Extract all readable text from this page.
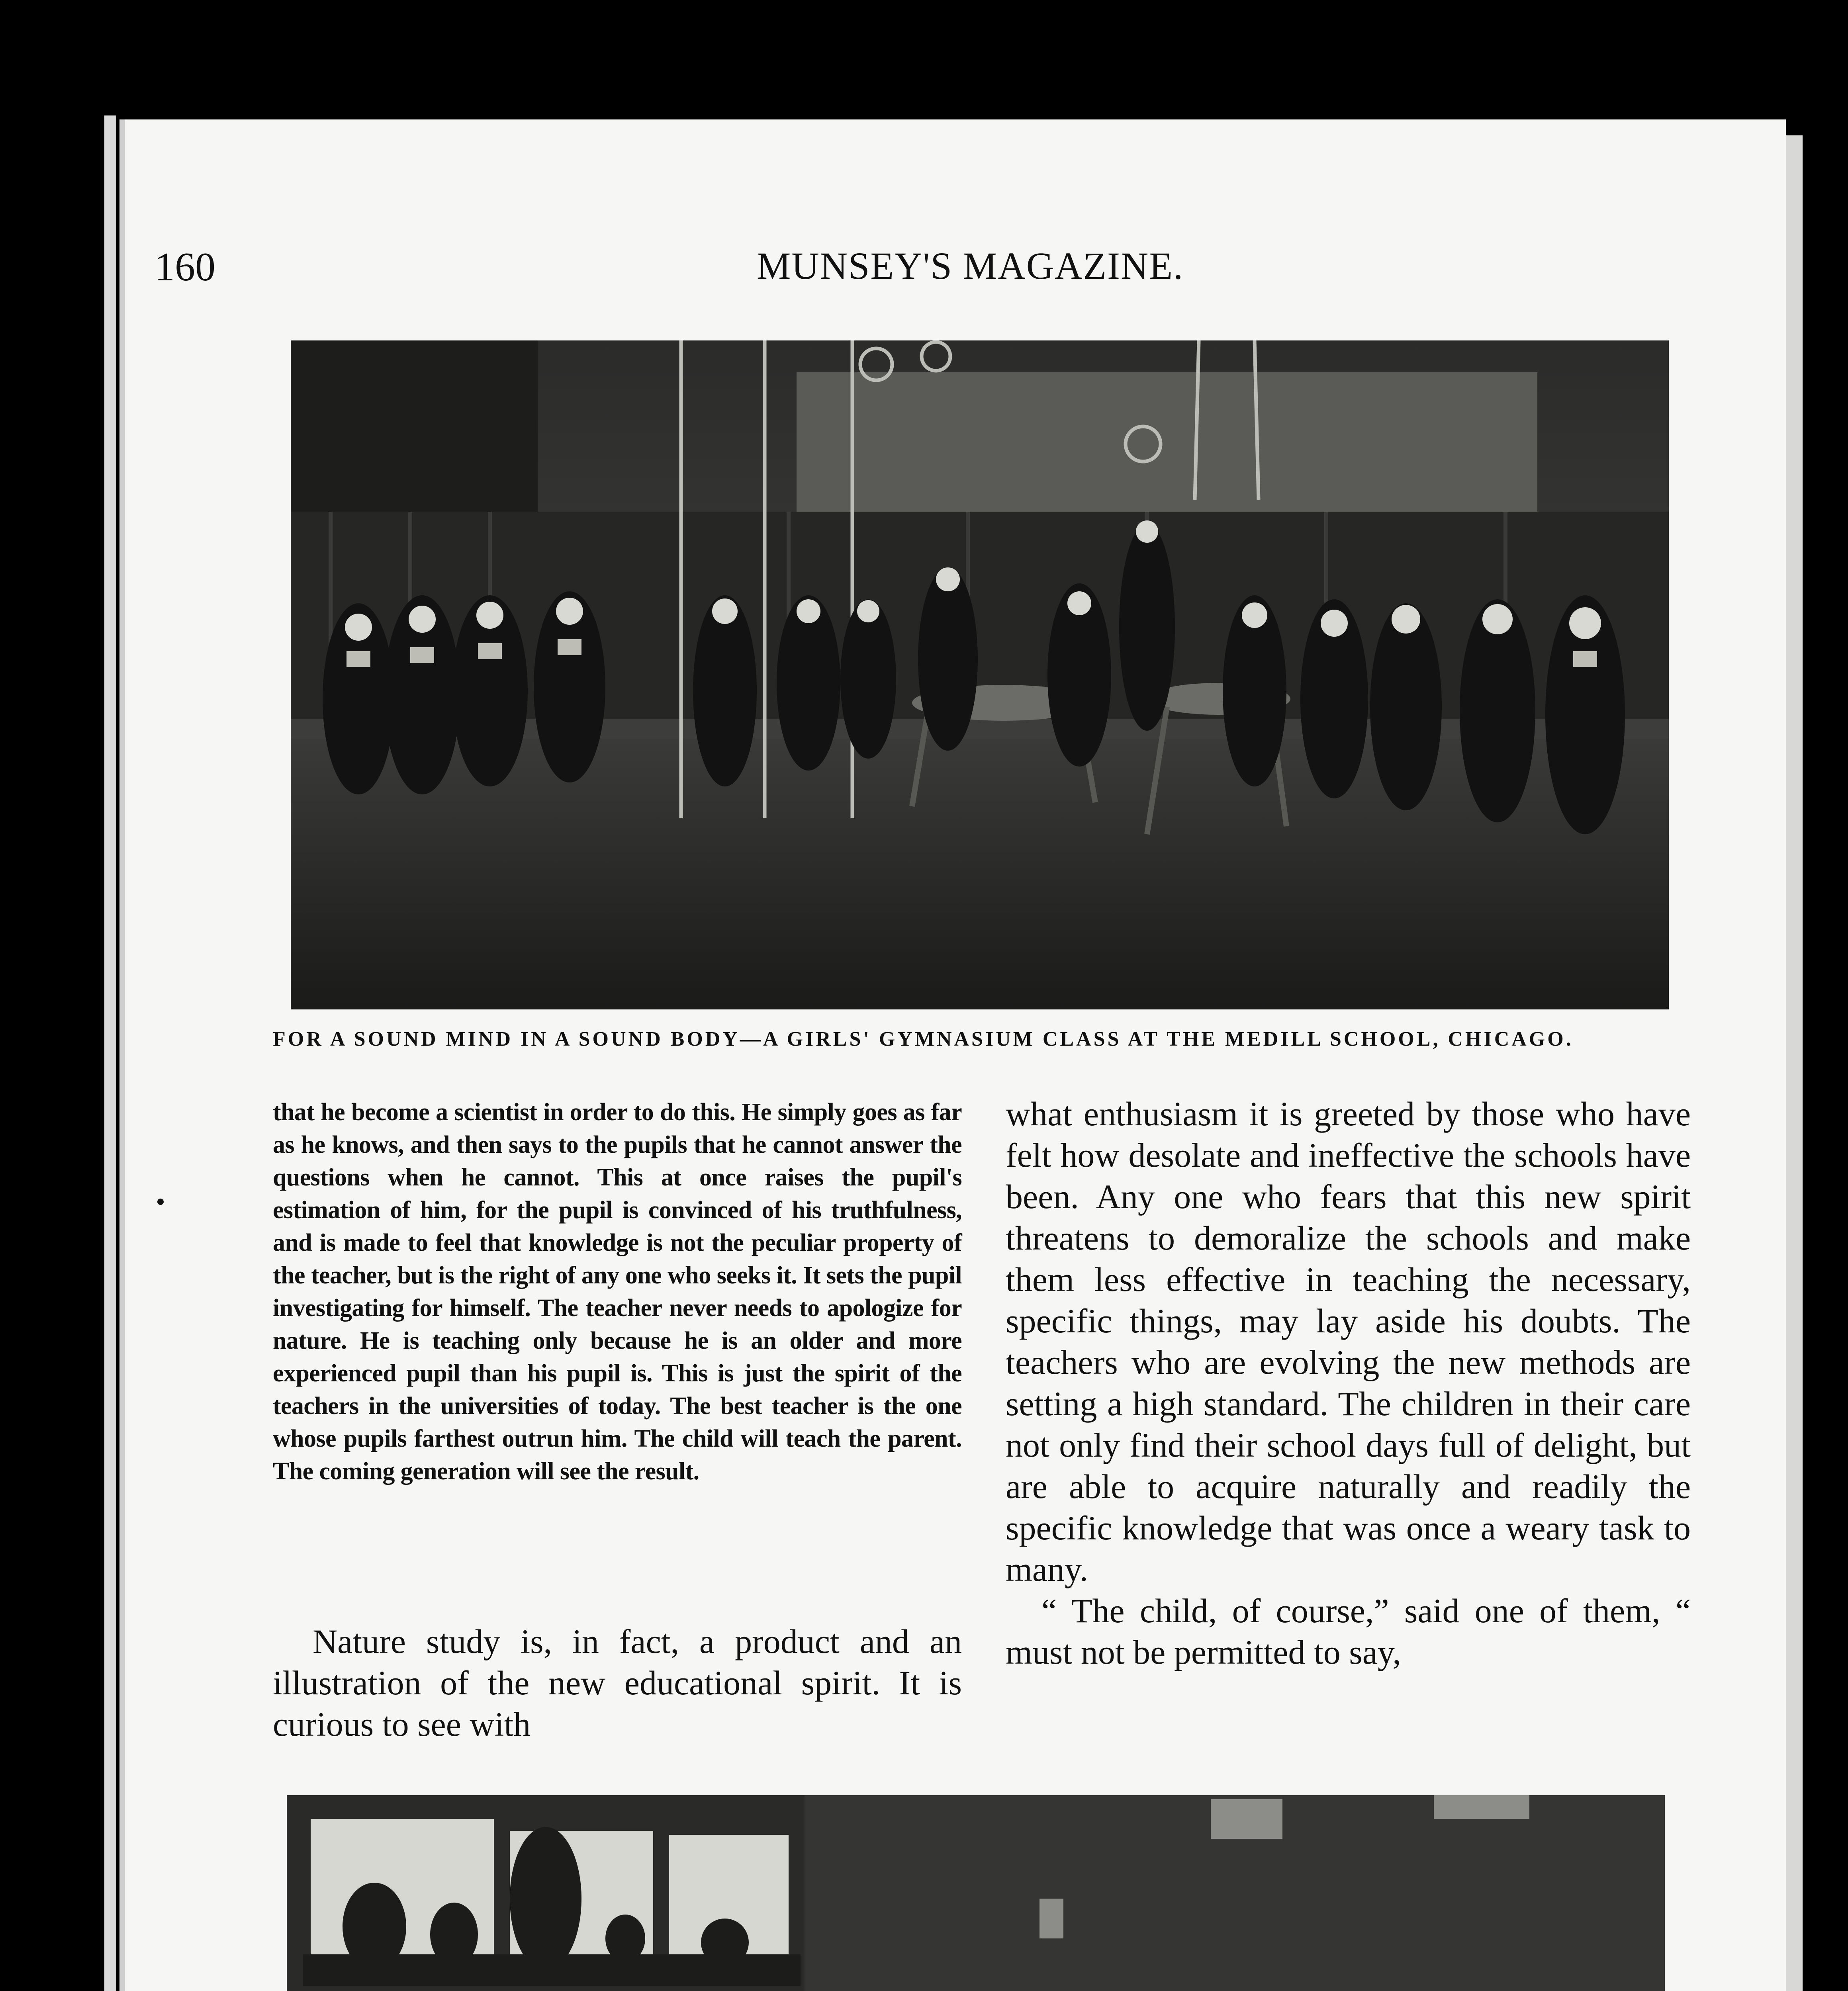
160	MUNSEY'S MAGAZINE.
FOR A SOUND MIND IN A SOUND BODY—A GIRLS' GYMNASIUM CLASS AT THE MEDILL SCHOOL, CHICAGO.
that he become a scientist in order to do this. He simply goes as far as he knows, and then says to the pupils that he cannot answer the questions when he cannot. This at once raises the pupil's estimation of him, for the pupil is convinced of his truthfulness, and is made to feel that knowledge is not the peculiar property of the teacher, but is the right of any one who seeks it. It sets the pupil investigating for himself. The teacher never needs to apologize for nature. He is teaching only because he is an older and more experienced pupil than his pupil is. This is just the spirit of the teachers in the universities of today. The best teacher is the one whose pupils farthest outrun him. The child will teach the parent. The coming generation will see the result.
Nature study is, in fact, a product and an illustration of the new educational spirit. It is curious to see with

what enthusiasm it is greeted by those who have felt how desolate and ineffective the schools have been. Any one who fears that this new spirit threatens to demoralize the schools and make them less effective in teaching the necessary, specific things, may lay aside his doubts. The teachers who are evolving the new methods are setting a high standard. The children in their care not only find their school days full of delight, but are able to acquire naturally and readily the specific knowledge that was once a weary task to many.

“ The child, of course,” said one of them, “ must not be permitted to say,
